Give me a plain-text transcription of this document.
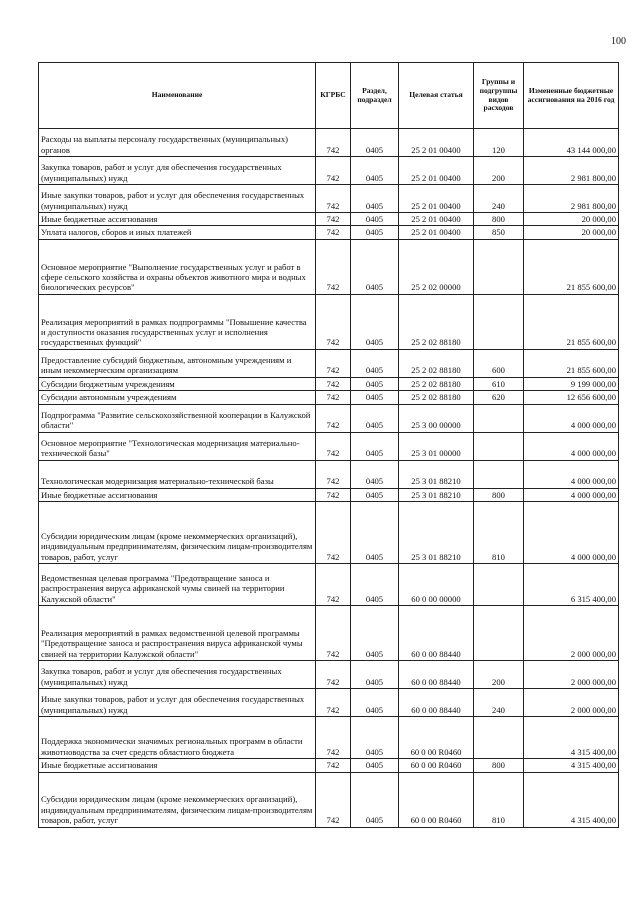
100
Наименование	КГРБС	Раздел, подраздел	Целевая статья	Группы и подгруппы видов расходов	Измененные бюджетные ассигнования на 2016 год
Расходы на выплаты персоналу государственных (муниципальных) органов	742	0405	25 2 01 00400	120	43 144 000,00
Закупка товаров, работ и услуг для обеспечения государственных (муниципальных) нужд	742	0405	25 2 01 00400	200	2 981 800,00
Иные закупки товаров, работ и услуг для обеспечения государственных (муниципальных) нужд	742	0405	25 2 01 00400	240	2 981 800,00
Иные бюджетные ассигнования	742	0405	25 2 01 00400	800	20 000,00
Уплата налогов, сборов и иных платежей	742	0405	25 2 01 00400	850	20 000,00
Основное мероприятие "Выполнение государственных услуг и работ в сфере сельского хозяйства и охраны объектов животного мира и водных биологических ресурсов"	742	0405	25 2 02 00000		21 855 600,00
Реализация мероприятий в рамках подпрограммы "Повышение качества и доступности оказания государственных услуг и исполнения государственных функций"	742	0405	25 2 02 88180		21 855 600,00
Предоставление субсидий бюджетным, автономным учреждениям и иным некоммерческим организациям	742	0405	25 2 02 88180	600	21 855 600,00
Субсидии бюджетным учреждениям	742	0405	25 2 02 88180	610	9 199 000,00
Субсидии автономным учреждениям	742	0405	25 2 02 88180	620	12 656 600,00
Подпрограмма "Развитие сельскохозяйственной кооперации в Калужской области"	742	0405	25 3 00 00000		4 000 000,00
Основное мероприятие "Технологическая модернизация материально-технической базы"	742	0405	25 3 01 00000		4 000 000,00
Технологическая модернизация материально-технической базы	742	0405	25 3 01 88210		4 000 000,00
Иные бюджетные ассигнования	742	0405	25 3 01 88210	800	4 000 000,00
Субсидии юридическим лицам (кроме некоммерческих организаций), индивидуальным предпринимателям, физическим лицам-производителям товаров, работ, услуг	742	0405	25 3 01 88210	810	4 000 000,00
Ведомственная целевая программа "Предотвращение заноса и распространения вируса африканской чумы свиней на территории Калужской области"	742	0405	60 0 00 00000		6 315 400,00
Реализация мероприятий в рамках ведомственной целевой программы "Предотвращение заноса и распространения вируса африканской чумы свиней на территории Калужской области"	742	0405	60 0 00 88440		2 000 000,00
Закупка товаров, работ и услуг для обеспечения государственных (муниципальных) нужд	742	0405	60 0 00 88440	200	2 000 000,00
Иные закупки товаров, работ и услуг для обеспечения государственных (муниципальных) нужд	742	0405	60 0 00 88440	240	2 000 000,00
Поддержка экономически значимых региональных программ в области животноводства за счет средств областного бюджета	742	0405	60 0 00 R0460		4 315 400,00
Иные бюджетные ассигнования	742	0405	60 0 00 R0460	800	4 315 400,00
Субсидии юридическим лицам (кроме некоммерческих организаций), индивидуальным предпринимателям, физическим лицам-производителям товаров, работ, услуг	742	0405	60 0 00 R0460	810	4 315 400,00
